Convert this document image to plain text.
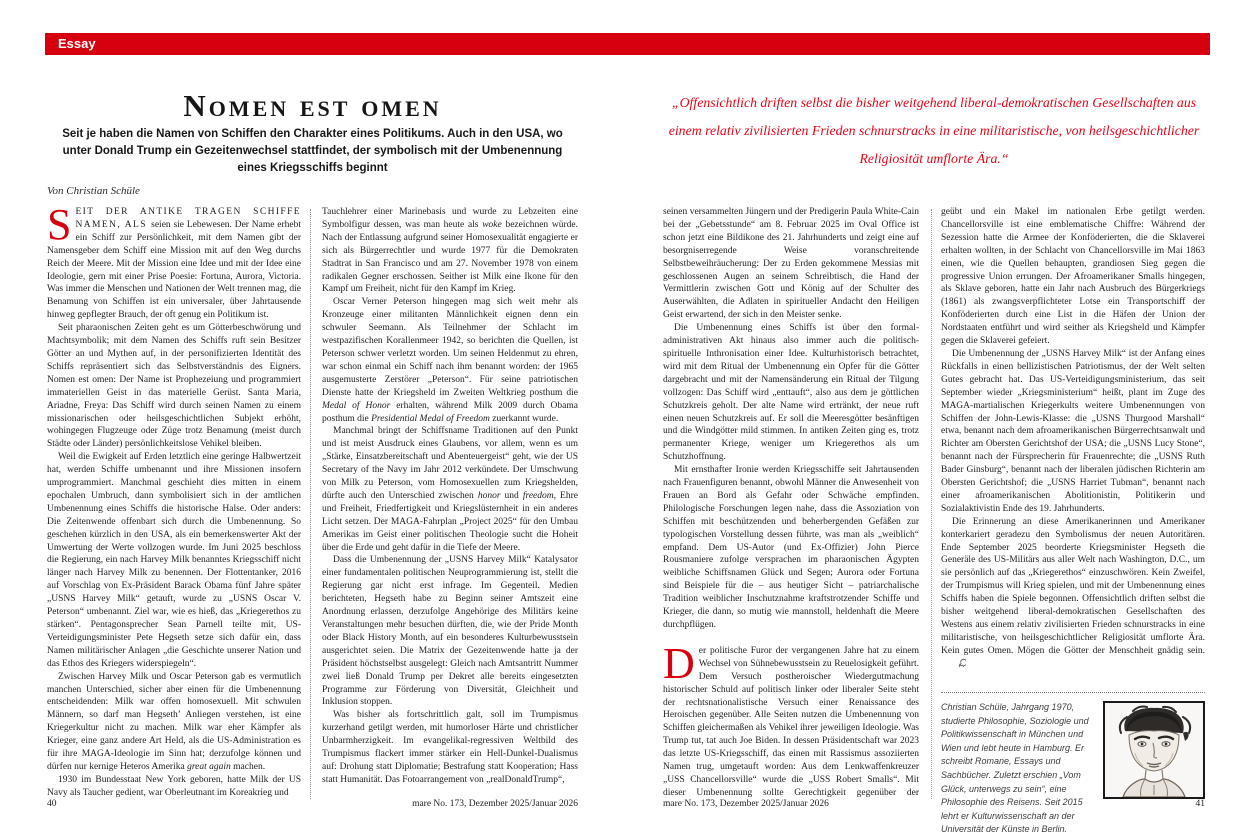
Essay
Nomen est omen
Seit je haben die Namen von Schiffen den Charakter eines Politikums. Auch in den USA, wo unter Donald Trump ein Gezeitenwechsel stattfindet, der symbolisch mit der Umbenennung eines Kriegsschiffs beginnt
Von Christian Schüle
„Offensichtlich driften selbst die bisher weitgehend liberal-demokratischen Gesellschaften aus einem relativ zivilisierten Frieden schnurstracks in eine militaristische, von heilsgeschichtlicher Religiosität umflorte Ära.“

SEIT DER ANTIKE TRAGEN SCHIFFE NAMEN, ALS seien sie Lebewesen. Der Name erhebt ein Schiff zur Persönlichkeit, mit dem Namen gibt der Namensgeber dem Schiff eine Mission mit auf den Weg durchs Reich der Meere. Mit der Mission eine Idee und mit der Idee eine Ideologie, gern mit einer Prise Poesie: Fortuna, Aurora, Victoria. Was immer die Menschen und Nationen der Welt trennen mag, die Benamung von Schiffen ist ein universaler, über Jahrtausende hinweg gepflegter Brauch, der oft genug ein Politikum ist.

Seit pharaonischen Zeiten geht es um Götterbeschwörung und Machtsymbolik; mit dem Namen des Schiffs ruft sein Besitzer Götter an und Mythen auf, in der personifizierten Identität des Schiffs repräsentiert sich das Selbstverständnis des Eigners. Nomen est omen: Der Name ist Prophezeiung und programmiert immateriellen Geist in das materielle Gerüst. Santa Maria, Ariadne, Freya: Das Schiff wird durch seinen Namen zu einem missionarischen oder heilsgeschichtlichen Subjekt erhöht, wohingegen Flugzeuge oder Züge trotz Benamung (meist durch Städte oder Länder) persönlichkeitslose Vehikel bleiben.

Weil die Ewigkeit auf Erden letztlich eine geringe Halbwertzeit hat, werden Schiffe umbenannt und ihre Missionen insofern umprogrammiert. Manchmal geschieht dies mitten in einem epochalen Umbruch, dann symbolisiert sich in der amtlichen Umbenennung eines Schiffs die historische Halse. Oder anders: Die Zeitenwende offenbart sich durch die Umbenennung. So geschehen kürzlich in den USA, als ein bemerkenswerter Akt der Umwertung der Werte vollzogen wurde. Im Juni 2025 beschloss die Regierung, ein nach Harvey Milk benanntes Kriegsschiff nicht länger nach Harvey Milk zu benennen. Der Flottentanker, 2016 auf Vorschlag von Ex-Präsident Barack Obama fünf Jahre später „USNS Harvey Milk“ getauft, wurde zu „USNS Oscar V. Peterson“ umbenannt. Ziel war, wie es hieß, das „Kriegerethos zu stärken“. Pentagonsprecher Sean Parnell teilte mit, US-Verteidigungsminister Pete Hegseth setze sich dafür ein, dass Namen militärischer Anlagen „die Geschichte unserer Nation und das Ethos des Kriegers widerspiegeln“.

Zwischen Harvey Milk und Oscar Peterson gab es vermutlich manchen Unterschied, sicher aber einen für die Umbenennung entscheidenden: Milk war offen homosexuell. Mit schwulen Männern, so darf man Hegseth’ Anliegen verstehen, ist eine Kriegerkultur nicht zu machen. Milk war eher Kämpfer als Krieger, eine ganz andere Art Held, als die US-Administration es für ihre MAGA-Ideologie im Sinn hat; derzufolge können und dürfen nur kernige Heteros Amerika great again machen.

1930 im Bundesstaat New York geboren, hatte Milk der US Navy als Taucher gedient, war Oberleutnant im Koreakrieg und

Tauchlehrer einer Marinebasis und wurde zu Lebzeiten eine Symbolfigur dessen, was man heute als woke bezeichnen würde. Nach der Entlassung aufgrund seiner Homosexualität engagierte er sich als Bürgerrechtler und wurde 1977 für die Demokraten Stadtrat in San Francisco und am 27. November 1978 von einem radikalen Gegner erschossen. Seither ist Milk eine Ikone für den Kampf um Freiheit, nicht für den Kampf im Krieg.

Oscar Verner Peterson hingegen mag sich weit mehr als Kronzeuge einer militanten Männlichkeit eignen denn ein schwuler Seemann. Als Teilnehmer der Schlacht im westpazifischen Korallenmeer 1942, so berichten die Quellen, ist Peterson schwer verletzt worden. Um seinen Heldenmut zu ehren, war schon einmal ein Schiff nach ihm benannt worden: der 1965 ausgemusterte Zerstörer „Peterson“. Für seine patriotischen Dienste hatte der Kriegsheld im Zweiten Weltkrieg posthum die Medal of Honor erhalten, während Milk 2009 durch Obama posthum die Presidential Medal of Freedom zuerkannt wurde.

Manchmal bringt der Schiffsname Traditionen auf den Punkt und ist meist Ausdruck eines Glaubens, vor allem, wenn es um „Stärke, Einsatzbereitschaft und Abenteuergeist“ geht, wie der US Secretary of the Navy im Jahr 2012 verkündete. Der Umschwung von Milk zu Peterson, vom Homosexuellen zum Kriegshelden, dürfte auch den Unterschied zwischen honor und freedom, Ehre und Freiheit, Friedfertigkeit und Kriegslüsternheit in ein anderes Licht setzen. Der MAGA-Fahrplan „Project 2025“ für den Umbau Amerikas im Geist einer politischen Theologie sucht die Hoheit über die Erde und geht dafür in die Tiefe der Meere.

Dass die Umbenennung der „USNS Harvey Milk“ Katalysator einer fundamentalen politischen Neuprogrammierung ist, stellt die Regierung gar nicht erst infrage. Im Gegenteil. Medien berichteten, Hegseth habe zu Beginn seiner Amtszeit eine Anordnung erlassen, derzufolge Angehörige des Militärs keine Veranstaltungen mehr besuchen dürften, die, wie der Pride Month oder Black History Month, auf ein besonderes Kulturbewusstsein ausgerichtet seien. Die Matrix der Gezeitenwende hatte ja der Präsident höchstselbst ausgelegt: Gleich nach Amtsantritt Nummer zwei ließ Donald Trump per Dekret alle bereits eingesetzten Programme zur Förderung von Diversität, Gleichheit und Inklusion stoppen.

Was bisher als fortschrittlich galt, soll im Trumpismus kurzerhand getilgt werden, mit humorloser Härte und christlicher Unbarmherzigkeit. Im evangelikal-regressiven Weltbild des Trumpismus flackert immer stärker ein Hell-Dunkel-Dualismus auf: Drohung statt Diplomatie; Bestrafung statt Kooperation; Hass statt Humanität. Das Fotoarrangement von „realDonaldTrump“,

seinen versammelten Jüngern und der Predigerin Paula White-Cain bei der „Gebetsstunde“ am 8. Februar 2025 im Oval Office ist schon jetzt eine Bildikone des 21. Jahrhunderts und zeigt eine auf besorgniserregende Weise voranschreitende Selbstbeweihräucherung: Der zu Erden gekommene Messias mit geschlossenen Augen an seinem Schreibtisch, die Hand der Vermittlerin zwischen Gott und König auf der Schulter des Auserwählten, die Adlaten in spiritueller Andacht den Heiligen Geist erwartend, der sich in den Meister senke.

Die Umbenennung eines Schiffs ist über den formal-administrativen Akt hinaus also immer auch die politisch-spirituelle Inthronisation einer Idee. Kulturhistorisch betrachtet, wird mit dem Ritual der Umbenennung ein Opfer für die Götter dargebracht und mit der Namensänderung ein Ritual der Tilgung vollzogen: Das Schiff wird „enttauft“, also aus dem je göttlichen Schutzkreis geholt. Der alte Name wird ertränkt, der neue ruft einen neuen Schutzkreis auf. Er soll die Meeresgötter besänftigen und die Windgötter mild stimmen. In antiken Zeiten ging es, trotz permanenter Kriege, weniger um Kriegerethos als um Schutzhoffnung.

Mit ernsthafter Ironie werden Kriegsschiffe seit Jahrtausenden nach Frauenfiguren benannt, obwohl Männer die Anwesenheit von Frauen an Bord als Gefahr oder Schwäche empfinden. Philologische Forschungen legen nahe, dass die Assoziation von Schiffen mit beschützenden und beherbergenden Gefäßen zur typologischen Vorstellung dessen führte, was man als „weiblich“ empfand. Dem US-Autor (und Ex-Offizier) John Pierce Rousmaniere zufolge versprachen im pharaonischen Ägypten weibliche Schiffsnamen Glück und Segen; Aurora oder Fortuna sind Beispiele für die – aus heutiger Sicht – patriarchalische Tradition weiblicher Inschutznahme kraftstrotzender Schiffe und Krieger, die dann, so mutig wie mannstoll, heldenhaft die Meere durchpflügen.

Der politische Furor der vergangenen Jahre hat zu einem Wechsel von Sühnebewusstsein zu Reuelosigkeit geführt. Dem Versuch postheroischer Wiedergutmachung historischer Schuld auf politisch linker oder liberaler Seite steht der rechtsnationalistische Versuch einer Renaissance des Heroischen gegenüber. Alle Seiten nutzen die Umbenennung von Schiffen gleichermaßen als Vehikel ihrer jeweiligen Ideologie. Was Trump tut, tat auch Joe Biden. In dessen Präsidentschaft war 2023 das letzte US-Kriegsschiff, das einen mit Rassismus assoziierten Namen trug, umgetauft worden: Aus dem Lenkwaffenkreuzer „USS Chancellorsville“ wurde die „USS Robert Smalls“. Mit dieser Umbenennung sollte Gerechtigkeit gegenüber der

geübt und ein Makel im nationalen Erbe getilgt werden. Chancellorsville ist eine emblematische Chiffre: Während der Sezession hatte die Armee der Konföderierten, die die Sklaverei erhalten wollten, in der Schlacht von Chancellorsville im Mai 1863 einen, wie die Quellen behaupten, grandiosen Sieg gegen die progressive Union errungen. Der Afroamerikaner Smalls hingegen, als Sklave geboren, hatte ein Jahr nach Ausbruch des Bürgerkriegs (1861) als zwangsverpflichteter Lotse ein Transportschiff der Konföderierten durch eine List in die Häfen der Union der Nordstaaten entführt und wird seither als Kriegsheld und Kämpfer gegen die Sklaverei gefeiert.

Die Umbenennung der „USNS Harvey Milk“ ist der Anfang eines Rückfalls in einen bellizistischen Patriotismus, der der Welt selten Gutes gebracht hat. Das US-Verteidigungsministerium, das seit September wieder „Kriegsministerium“ heißt, plant im Zuge des MAGA-martialischen Kriegerkults weitere Umbenennungen von Schiffen der John-Lewis-Klasse: die „USNS Thurgood Marshall“ etwa, benannt nach dem afroamerikanischen Bürgerrechtsanwalt und Richter am Obersten Gerichtshof der USA; die „USNS Lucy Stone“, benannt nach der Fürsprecherin für Frauenrechte; die „USNS Ruth Bader Ginsburg“, benannt nach der liberalen jüdischen Richterin am Obersten Gerichtshof; die „USNS Harriet Tubman“, benannt nach einer afroamerikanischen Abolitionistin, Politikerin und Sozialaktivistin Ende des 19. Jahrhunderts.

Die Erinnerung an diese Amerikanerinnen und Amerikaner konterkariert geradezu den Symbolismus der neuen Autoritären. Ende September 2025 beorderte Kriegsminister Hegseth die Generäle des US-Militärs aus aller Welt nach Washington, D.C., um sie persönlich auf das „Kriegerethos“ einzuschwören. Kein Zweifel, der Trumpismus will Krieg spielen, und mit der Umbenennung eines Schiffs haben die Spiele begonnen. Offensichtlich driften selbst die bisher weitgehend liberal-demokratischen Gesellschaften des Westens aus einem relativ zivilisierten Frieden schnurstracks in eine militaristische, von heilsgeschichtlicher Religiosität umflorte Ära. Kein gutes Omen. Mögen die Götter der Menschheit gnädig sein.

Christian Schüle, Jahrgang 1970, studierte Philosophie, Soziologie und Politikwissenschaft in München und Wien und lebt heute in Hamburg. Er schreibt Romane, Essays und Sachbücher. Zuletzt erschien „Vom Glück, unterwegs zu sein“, eine Philosophie des Reisens. Seit 2015 lehrt er Kulturwissenschaft an der Universität der Künste in Berlin.
40	mare No. 173, Dezember 2025/Januar 2026	mare No. 173, Dezember 2025/Januar 2026	41
